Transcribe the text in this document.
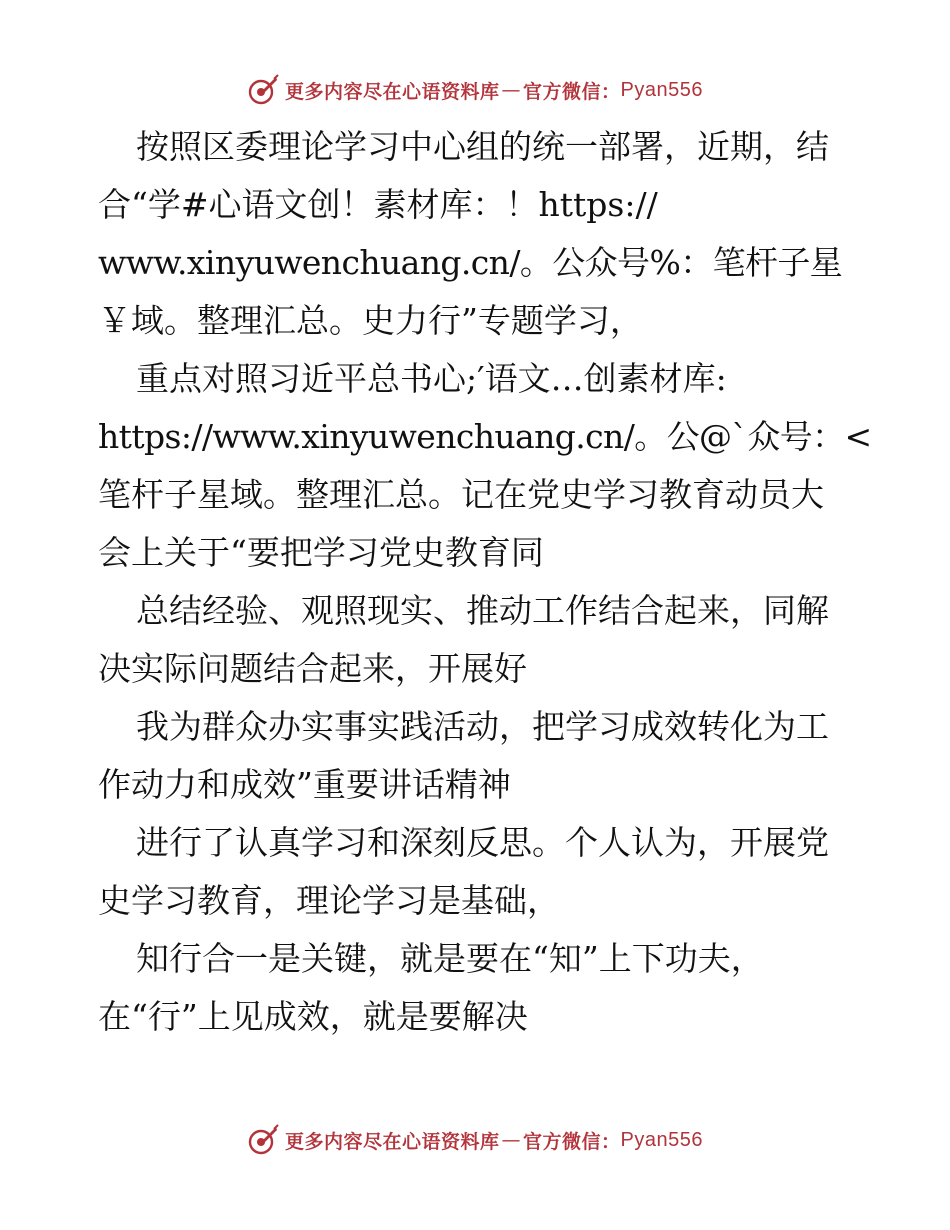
更多内容尽在心语资料库 — 官方微信： Pyan556
按照区委理论学习中心组的统一部署，近期，结
合“学#心语文创！素材库：！https://
www.xinyuwenchuang.cn/。公众号%：笔杆子星
￥域。整理汇总。史力行”专题学习，
重点对照习近平总书心;′语文…创素材库:
https://www.xinyuwenchuang.cn/。公@`众号：<
笔杆子星域。整理汇总。记在党史学习教育动员大
会上关于“要把学习党史教育同
总结经验、观照现实、推动工作结合起来，同解
决实际问题结合起来，开展好
我为群众办实事实践活动，把学习成效转化为工
作动力和成效”重要讲话精神
进行了认真学习和深刻反思。个人认为，开展党
史学习教育，理论学习是基础，
知行合一是关键，就是要在“知”上下功夫，
在“行”上见成效，就是要解决
更多内容尽在心语资料库 — 官方微信： Pyan556
